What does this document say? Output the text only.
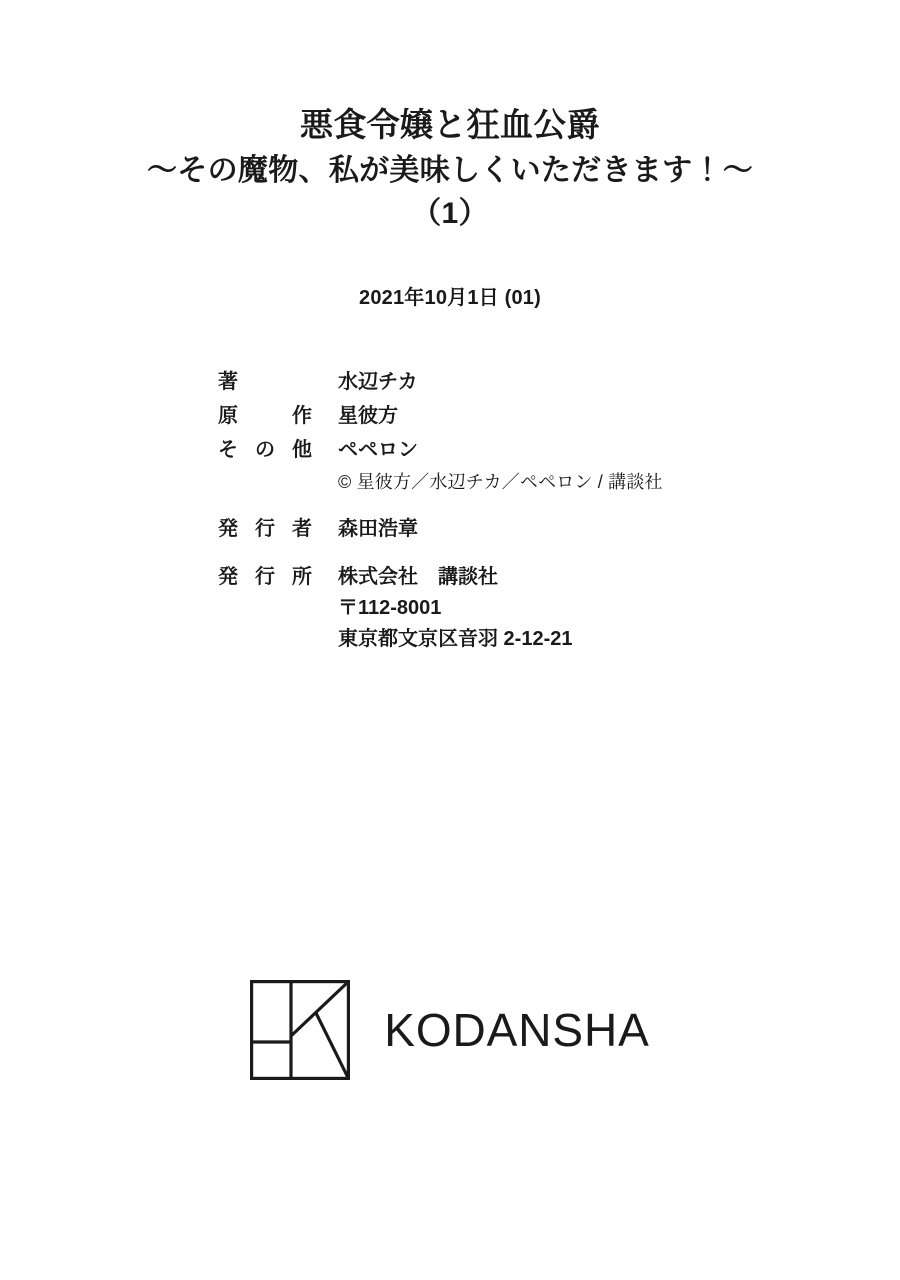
悪食令嬢と狂血公爵
〜その魔物、私が美味しくいただきます！〜
（1）
2021年10月1日 (01)
著	水辺チカ
原作	星彼方
その他	ペペロン
© 星彼方／水辺チカ／ペペロン / 講談社
発行者	森田浩章
発行所	株式会社　講談社
〒112-8001
東京都文京区音羽 2-12-21
KODANSHA
